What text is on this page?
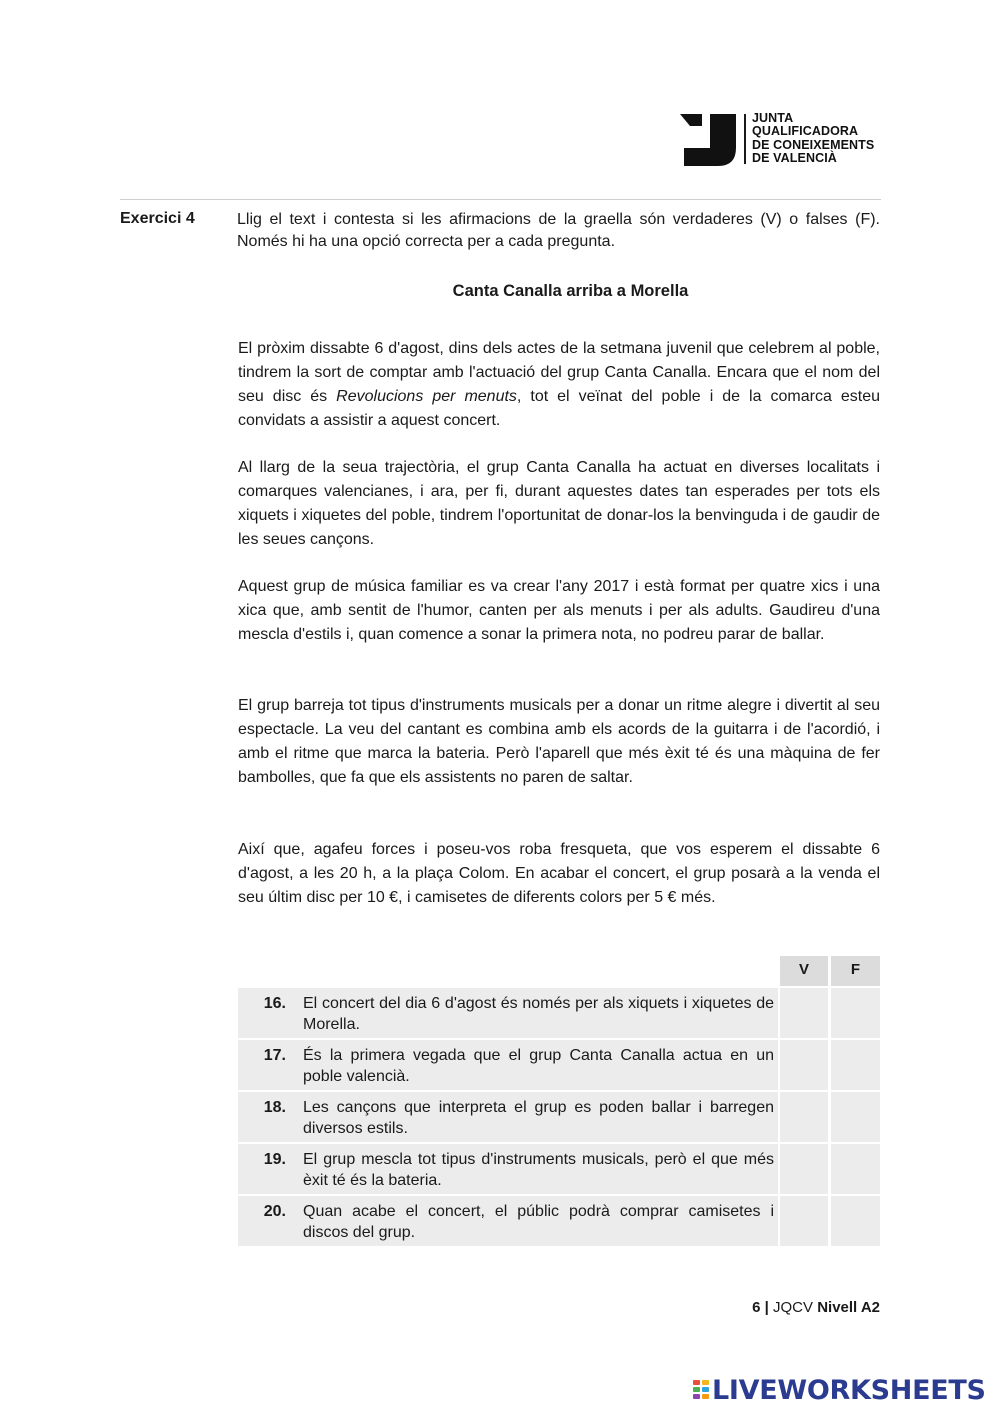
JUNTA
QUALIFICADORA
DE CONEIXEMENTS
DE VALENCIÀ
Exercici 4	Llig el text i contesta si les afirmacions de la graella són verdaderes (V) o falses (F). Només hi ha una opció correcta per a cada pregunta.
Canta Canalla arriba a Morella

El pròxim dissabte 6 d'agost, dins dels actes de la setmana juvenil que celebrem al poble, tindrem la sort de comptar amb l'actuació del grup Canta Canalla. Encara que el nom del seu disc és Revolucions per menuts, tot el veïnat del poble i de la comarca esteu convidats a assistir a aquest concert.

Al llarg de la seua trajectòria, el grup Canta Canalla ha actuat en diverses localitats i comarques valencianes, i ara, per fi, durant aquestes dates tan esperades per tots els xiquets i xiquetes del poble, tindrem l'oportunitat de donar-los la benvinguda i de gaudir de les seues cançons.

Aquest grup de música familiar es va crear l'any 2017 i està format per quatre xics i una xica que, amb sentit de l'humor, canten per als menuts i per als adults. Gaudireu d'una mescla d'estils i, quan comence a sonar la primera nota, no podreu parar de ballar.

El grup barreja tot tipus d'instruments musicals per a donar un ritme alegre i divertit al seu espectacle. La veu del cantant es combina amb els acords de la guitarra i de l'acordió, i amb el ritme que marca la bateria. Però l'aparell que més èxit té és una màquina de fer bambolles, que fa que els assistents no paren de saltar.

Així que, agafeu forces i poseu-vos roba fresqueta, que vos esperem el dissabte 6 d'agost, a les 20 h, a la plaça Colom. En acabar el concert, el grup posarà a la venda el seu últim disc per 10 €, i camisetes de diferents colors per 5 € més.

V	F
16. El concert del dia 6 d'agost és només per als xiquets i xiquetes de Morella.
17. És la primera vegada que el grup Canta Canalla actua en un poble valencià.
18. Les cançons que interpreta el grup es poden ballar i barregen diversos estils.
19. El grup mescla tot tipus d'instruments musicals, però el que més èxit té és la bateria.
20. Quan acabe el concert, el públic podrà comprar camisetes i discos del grup.
6 | JQCV Nivell A2
LIVEWORKSHEETS
